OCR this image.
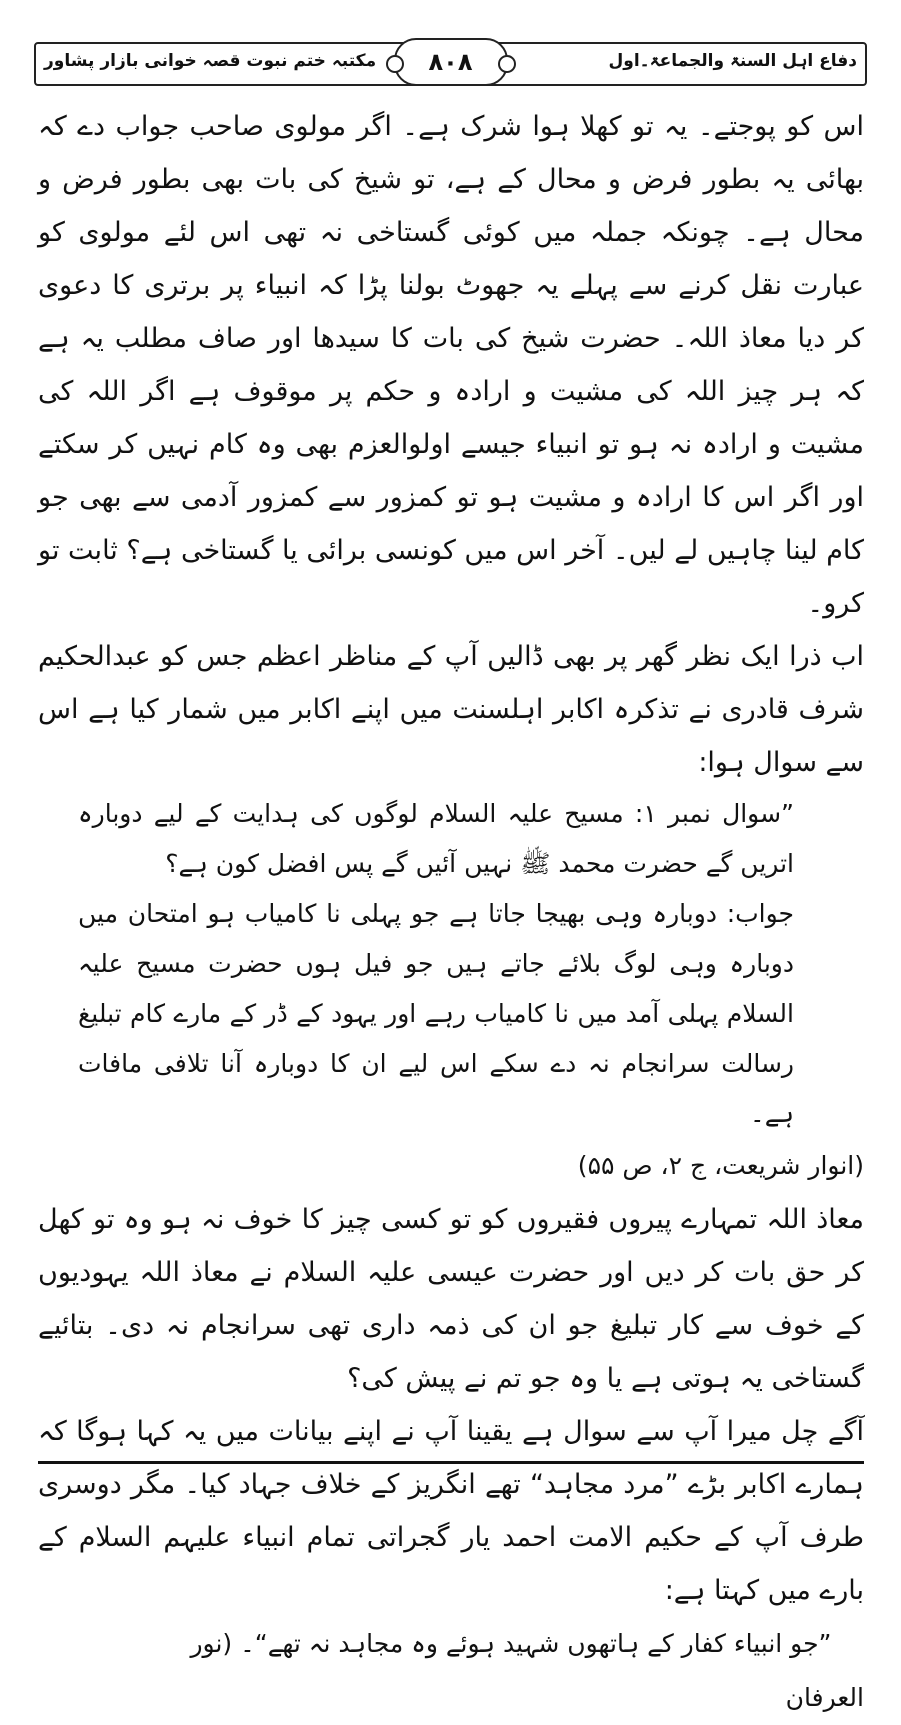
دفاع اہل السنۃ والجماعۃ۔اول
مکتبہ ختم نبوت قصہ خوانی بازار پشاور	۸۰۸

اس کو پوجتے۔ یہ تو کھلا ہوا شرک ہے۔ اگر مولوی صاحب جواب دے کہ بھائی یہ بطور فرض و محال کے ہے، تو شیخ کی بات بھی بطور فرض و محال ہے۔ چونکہ جملہ میں کوئی گستاخی نہ تھی اس لئے مولوی کو عبارت نقل کرنے سے پہلے یہ جھوٹ بولنا پڑا کہ انبیاء پر برتری کا دعوی کر دیا معاذ اللہ۔ حضرت شیخ کی بات کا سیدھا اور صاف مطلب یہ ہے کہ ہر چیز اللہ کی مشیت و ارادہ و حکم پر موقوف ہے اگر اللہ کی مشیت و ارادہ نہ ہو تو انبیاء جیسے اولوالعزم بھی وہ کام نہیں کر سکتے اور اگر اس کا ارادہ و مشیت ہو تو کمزور سے کمزور آدمی سے بھی جو کام لینا چاہیں لے لیں۔ آخر اس میں کونسی برائی یا گستاخی ہے؟ ثابت تو کرو۔

اب ذرا ایک نظر گھر پر بھی ڈالیں آپ کے مناظر اعظم جس کو عبدالحکیم شرف قادری نے تذکرہ اکابر اہلسنت میں اپنے اکابر میں شمار کیا ہے اس سے سوال ہوا:

”سوال نمبر ۱: مسیح علیہ السلام لوگوں کی ہدایت کے لیے دوبارہ اتریں گے حضرت محمد ﷺ نہیں آئیں گے پس افضل کون ہے؟

جواب: دوبارہ وہی بھیجا جاتا ہے جو پہلی نا کامیاب ہو امتحان میں دوبارہ وہی لوگ بلائے جاتے ہیں جو فیل ہوں حضرت مسیح علیہ السلام پہلی آمد میں نا کامیاب رہے اور یہود کے ڈر کے مارے کام تبلیغ رسالت سرانجام نہ دے سکے اس لیے ان کا دوبارہ آنا تلافی مافات ہے۔

(انوار شریعت، ج ۲، ص ۵۵)

معاذ اللہ تمہارے پیروں فقیروں کو تو کسی چیز کا خوف نہ ہو وہ تو کھل کر حق بات کر دیں اور حضرت عیسی علیہ السلام نے معاذ اللہ یہودیوں کے خوف سے کار تبلیغ جو ان کی ذمہ داری تھی سرانجام نہ دی۔ بتائیے گستاخی یہ ہوتی ہے یا وہ جو تم نے پیش کی؟

آگے چل میرا آپ سے سوال ہے یقینا آپ نے اپنے بیانات میں یہ کہا ہوگا کہ ہمارے اکابر بڑے ”مرد مجاہد“ تھے انگریز کے خلاف جہاد کیا۔ مگر دوسری طرف آپ کے حکیم الامت احمد یار گجراتی تمام انبیاء علیہم السلام کے بارے میں کہتا ہے:

”جو انبیاء کفار کے ہاتھوں شہید ہوئے وہ مجاہد نہ تھے“۔ (نور العرفان
